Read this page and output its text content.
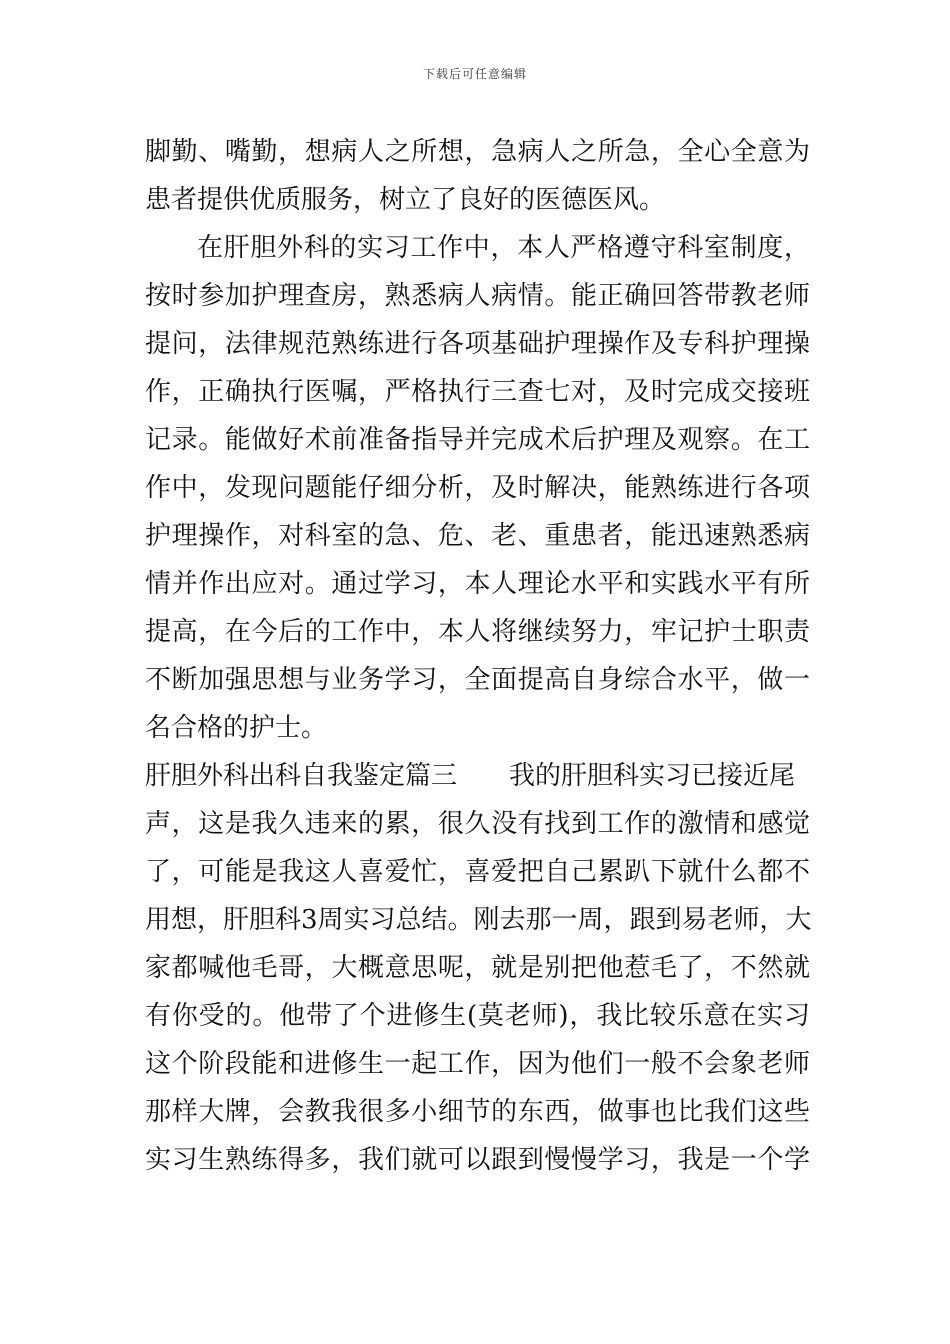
下载后可任意编辑
脚勤、嘴勤，想病人之所想，急病人之所急，全心全意为
患者提供优质服务，树立了良好的医德医风。
在肝胆外科的实习工作中，本人严格遵守科室制度，
按时参加护理查房，熟悉病人病情。能正确回答带教老师
提问，法律规范熟练进行各项基础护理操作及专科护理操
作，正确执行医嘱，严格执行三查七对，及时完成交接班
记录。能做好术前准备指导并完成术后护理及观察。在工
作中，发现问题能仔细分析，及时解决，能熟练进行各项
护理操作，对科室的急、危、老、重患者，能迅速熟悉病
情并作出应对。通过学习，本人理论水平和实践水平有所
提高，在今后的工作中，本人将继续努力，牢记护士职责
不断加强思想与业务学习，全面提高自身综合水平，做一
名合格的护士。
肝胆外科出科自我鉴定篇三 我的肝胆科实习已接近尾
声，这是我久违来的累，很久没有找到工作的激情和感觉
了，可能是我这人喜爱忙，喜爱把自己累趴下就什么都不
用想，肝胆科3周实习总结。刚去那一周，跟到易老师，大
家都喊他毛哥，大概意思呢，就是别把他惹毛了，不然就
有你受的。他带了个进修生(莫老师)，我比较乐意在实习
这个阶段能和进修生一起工作，因为他们一般不会象老师
那样大牌，会教我很多小细节的东西，做事也比我们这些
实习生熟练得多，我们就可以跟到慢慢学习，我是一个学
